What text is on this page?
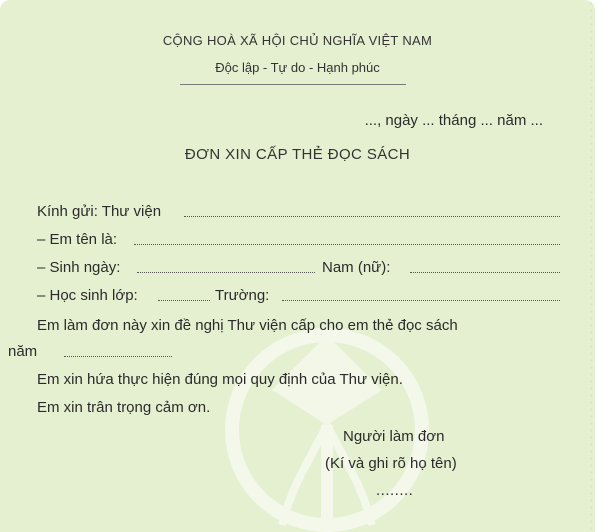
CỘNG HOÀ XÃ HỘI CHỦ NGHĨA VIỆT NAM
Độc lập - Tự do - Hạnh phúc
..., ngày ... tháng ... năm ...
ĐƠN XIN CẤP THẺ ĐỌC SÁCH
Kính gửi: Thư viện
– Em tên là:
– Sinh ngày:	Nam (nữ):
– Học sinh lớp:	Trường:
Em làm đơn này xin đề nghị Thư viện cấp cho em thẻ đọc sách
năm
Em xin hứa thực hiện đúng mọi quy định của Thư viện.
Em xin trân trọng cảm ơn.
Người làm đơn
(Kí và ghi rõ họ tên)
........
